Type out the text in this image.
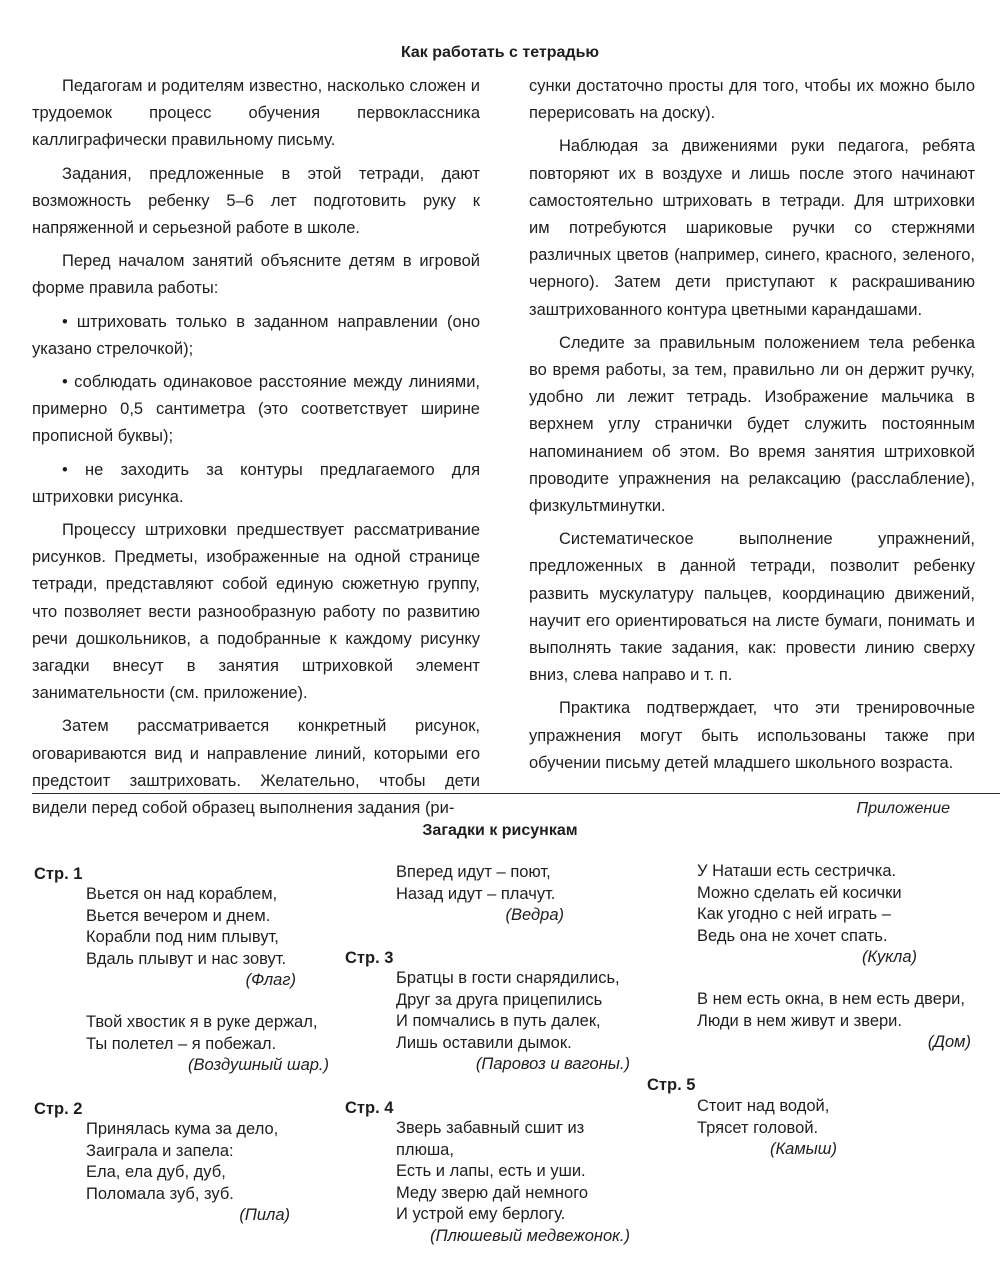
Как работать с тетрадью

Педагогам и родителям известно, насколько сложен и трудоемок процесс обучения первоклассника каллиграфически правильному письму.

Задания, предложенные в этой тетради, дают возможность ребенку 5–6 лет подготовить руку к напряженной и серьезной работе в школе.

Перед началом занятий объясните детям в игровой форме правила работы:

• штриховать только в заданном направлении (оно указано стрелочкой);

• соблюдать одинаковое расстояние между линиями, примерно 0,5 сантиметра (это соответствует ширине прописной буквы);

• не заходить за контуры предлагаемого для штриховки рисунка.

Процессу штриховки предшествует рассматривание рисунков. Предметы, изображенные на одной странице тетради, представляют собой единую сюжетную группу, что позволяет вести разнообразную работу по развитию речи дошкольников, а подобранные к каждому рисунку загадки внесут в занятия штриховкой элемент занимательности (см. приложение).

Затем рассматривается конкретный рисунок, оговариваются вид и направление линий, которыми его предстоит заштриховать. Желательно, чтобы дети видели перед собой образец выполнения задания (ри-

сунки достаточно просты для того, чтобы их можно было перерисовать на доску).

Наблюдая за движениями руки педагога, ребята повторяют их в воздухе и лишь после этого начинают самостоятельно штриховать в тетради. Для штриховки им потребуются шариковые ручки со стержнями различных цветов (например, синего, красного, зеленого, черного). Затем дети приступают к раскрашиванию заштрихованного контура цветными карандашами.

Следите за правильным положением тела ребенка во время работы, за тем, правильно ли он держит ручку, удобно ли лежит тетрадь. Изображение мальчика в верхнем углу странички будет служить постоянным напоминанием об этом. Во время занятия штриховкой проводите упражнения на релаксацию (расслабление), физкультминутки.

Систематическое выполнение упражнений, предложенных в данной тетради, позволит ребенку развить мускулатуру пальцев, координацию движений, научит его ориентироваться на листе бумаги, понимать и выполнять такие задания, как: провести линию сверху вниз, слева направо и т. п.

Практика подтверждает, что эти тренировочные упражнения могут быть использованы также при обучении письму детей младшего школьного возраста.

Приложение
Загадки к рисункам
Стр. 1
Вьется он над кораблем,
Вьется вечером и днем.
Корабли под ним плывут,
Вдаль плывут и нас зовут.
(Флаг)
Твой хвостик я в руке держал,
Ты полетел – я побежал.
(Воздушный шар.)
Стр. 2
Принялась кума за дело,
Заиграла и запела:
Ела, ела дуб, дуб,
Поломала зуб, зуб.
(Пила)
Вперед идут – поют,
Назад идут – плачут.
(Ведра)
Стр. 3
Братцы в гости снарядились,
Друг за друга прицепились
И помчались в путь далек,
Лишь оставили дымок.
(Паровоз и вагоны.)
Стр. 4
Зверь забавный сшит из
плюша,
Есть и лапы, есть и уши.
Меду зверю дай немного
И устрой ему берлогу.
(Плюшевый медвежонок.)
У Наташи есть сестричка.
Можно сделать ей косички
Как угодно с ней играть –
Ведь она не хочет спать.
(Кукла)
В нем есть окна, в нем есть двери,
Люди в нем живут и звери.
(Дом)
Стр. 5
Стоит над водой,
Трясет головой.
(Камыш)
